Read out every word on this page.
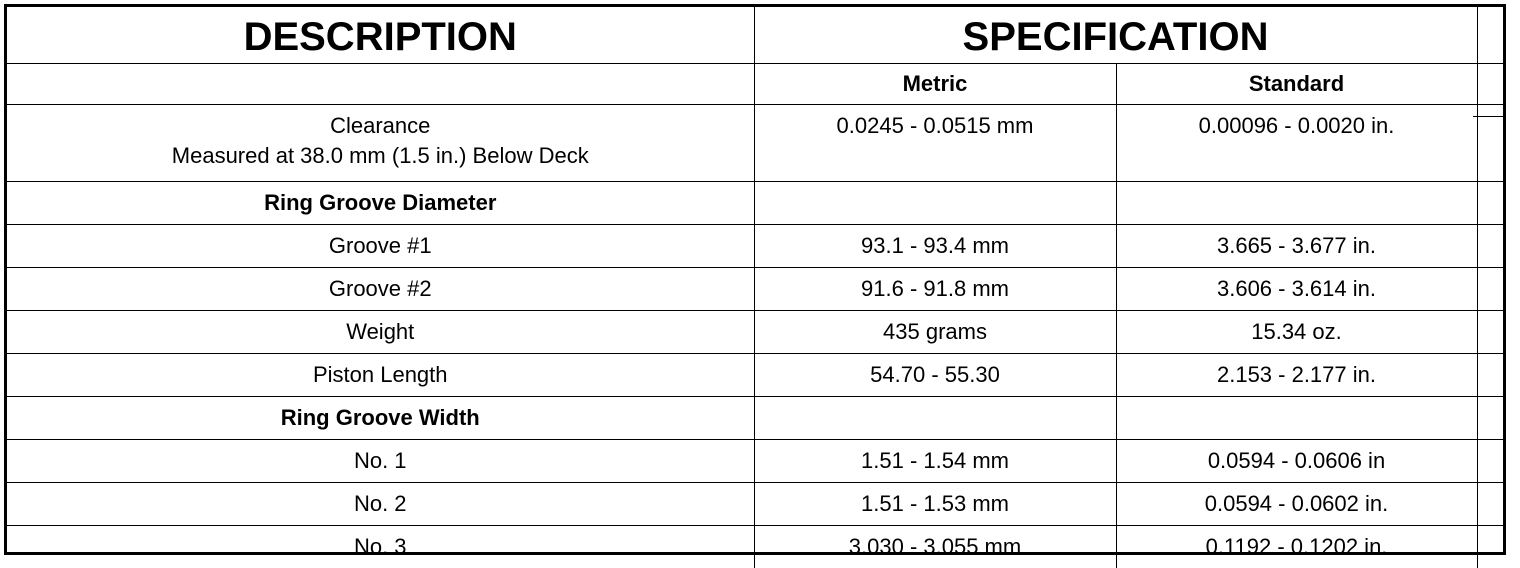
DESCRIPTION	SPECIFICATION		
	Metric	Standard	

Clearance
Measured at 38.0 mm (1.5 in.) Below Deck	0.0245 - 0.0515 mm	0.00096 - 0.0020 in.	
Ring Groove Diameter			
Groove #1	93.1 - 93.4 mm	3.665 - 3.677 in.	
Groove #2	91.6 - 91.8 mm	3.606 - 3.614 in.	
Weight	435 grams	15.34 oz.	
Piston Length	54.70 - 55.30	2.153 - 2.177 in.	
Ring Groove Width			
No. 1	1.51 - 1.54 mm	0.0594 - 0.0606 in	
No. 2	1.51 - 1.53 mm	0.0594 - 0.0602 in.	
No. 3	3.030 - 3.055 mm	0.1192 - 0.1202 in.	
